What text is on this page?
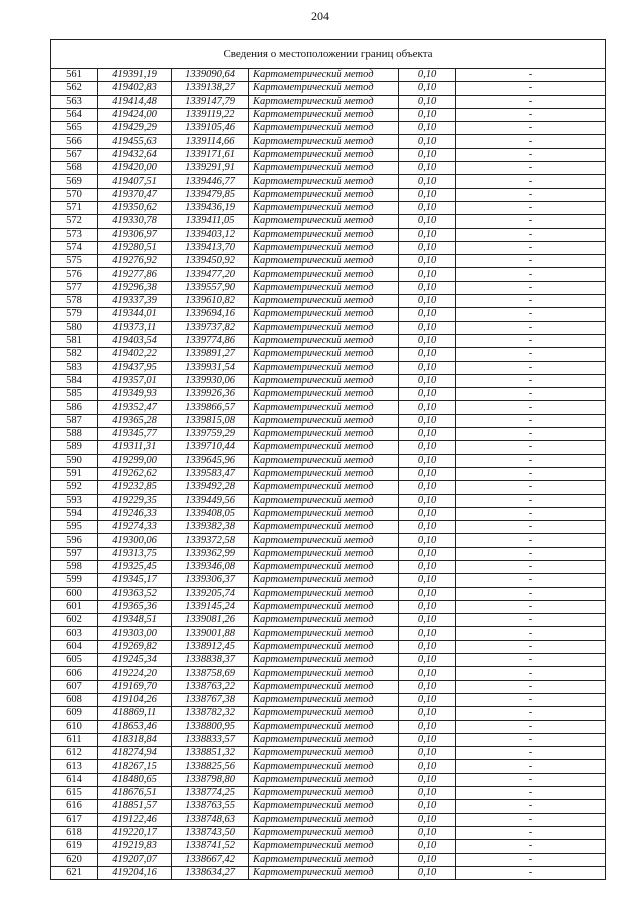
204
Сведения о местоположении границ объекта					
561	419391,19	1339090,64	Картометрический метод	0,10	-
562	419402,83	1339138,27	Картометрический метод	0,10	-
563	419414,48	1339147,79	Картометрический метод	0,10	-
564	419424,00	1339119,22	Картометрический метод	0,10	-
565	419429,29	1339105,46	Картометрический метод	0,10	-
566	419455,63	1339114,66	Картометрический метод	0,10	-
567	419432,64	1339171,61	Картометрический метод	0,10	-
568	419420,00	1339291,91	Картометрический метод	0,10	-
569	419407,51	1339446,77	Картометрический метод	0,10	-
570	419370,47	1339479,85	Картометрический метод	0,10	-
571	419350,62	1339436,19	Картометрический метод	0,10	-
572	419330,78	1339411,05	Картометрический метод	0,10	-
573	419306,97	1339403,12	Картометрический метод	0,10	-
574	419280,51	1339413,70	Картометрический метод	0,10	-
575	419276,92	1339450,92	Картометрический метод	0,10	-
576	419277,86	1339477,20	Картометрический метод	0,10	-
577	419296,38	1339557,90	Картометрический метод	0,10	-
578	419337,39	1339610,82	Картометрический метод	0,10	-
579	419344,01	1339694,16	Картометрический метод	0,10	-
580	419373,11	1339737,82	Картометрический метод	0,10	-
581	419403,54	1339774,86	Картометрический метод	0,10	-
582	419402,22	1339891,27	Картометрический метод	0,10	-
583	419437,95	1339931,54	Картометрический метод	0,10	-
584	419357,01	1339930,06	Картометрический метод	0,10	-
585	419349,93	1339926,36	Картометрический метод	0,10	-
586	419352,47	1339866,57	Картометрический метод	0,10	-
587	419365,28	1339815,08	Картометрический метод	0,10	-
588	419345,77	1339759,29	Картометрический метод	0,10	-
589	419311,31	1339710,44	Картометрический метод	0,10	-
590	419299,00	1339645,96	Картометрический метод	0,10	-
591	419262,62	1339583,47	Картометрический метод	0,10	-
592	419232,85	1339492,28	Картометрический метод	0,10	-
593	419229,35	1339449,56	Картометрический метод	0,10	-
594	419246,33	1339408,05	Картометрический метод	0,10	-
595	419274,33	1339382,38	Картометрический метод	0,10	-
596	419300,06	1339372,58	Картометрический метод	0,10	-
597	419313,75	1339362,99	Картометрический метод	0,10	-
598	419325,45	1339346,08	Картометрический метод	0,10	-
599	419345,17	1339306,37	Картометрический метод	0,10	-
600	419363,52	1339205,74	Картометрический метод	0,10	-
601	419365,36	1339145,24	Картометрический метод	0,10	-
602	419348,51	1339081,26	Картометрический метод	0,10	-
603	419303,00	1339001,88	Картометрический метод	0,10	-
604	419269,82	1338912,45	Картометрический метод	0,10	-
605	419245,34	1338838,37	Картометрический метод	0,10	-
606	419224,20	1338758,69	Картометрический метод	0,10	-
607	419169,70	1338763,22	Картометрический метод	0,10	-
608	419104,26	1338767,38	Картометрический метод	0,10	-
609	418869,11	1338782,32	Картометрический метод	0,10	-
610	418653,46	1338800,95	Картометрический метод	0,10	-
611	418318,84	1338833,57	Картометрический метод	0,10	-
612	418274,94	1338851,32	Картометрический метод	0,10	-
613	418267,15	1338825,56	Картометрический метод	0,10	-
614	418480,65	1338798,80	Картометрический метод	0,10	-
615	418676,51	1338774,25	Картометрический метод	0,10	-
616	418851,57	1338763,55	Картометрический метод	0,10	-
617	419122,46	1338748,63	Картометрический метод	0,10	-
618	419220,17	1338743,50	Картометрический метод	0,10	-
619	419219,83	1338741,52	Картометрический метод	0,10	-
620	419207,07	1338667,42	Картометрический метод	0,10	-
621	419204,16	1338634,27	Картометрический метод	0,10	-
